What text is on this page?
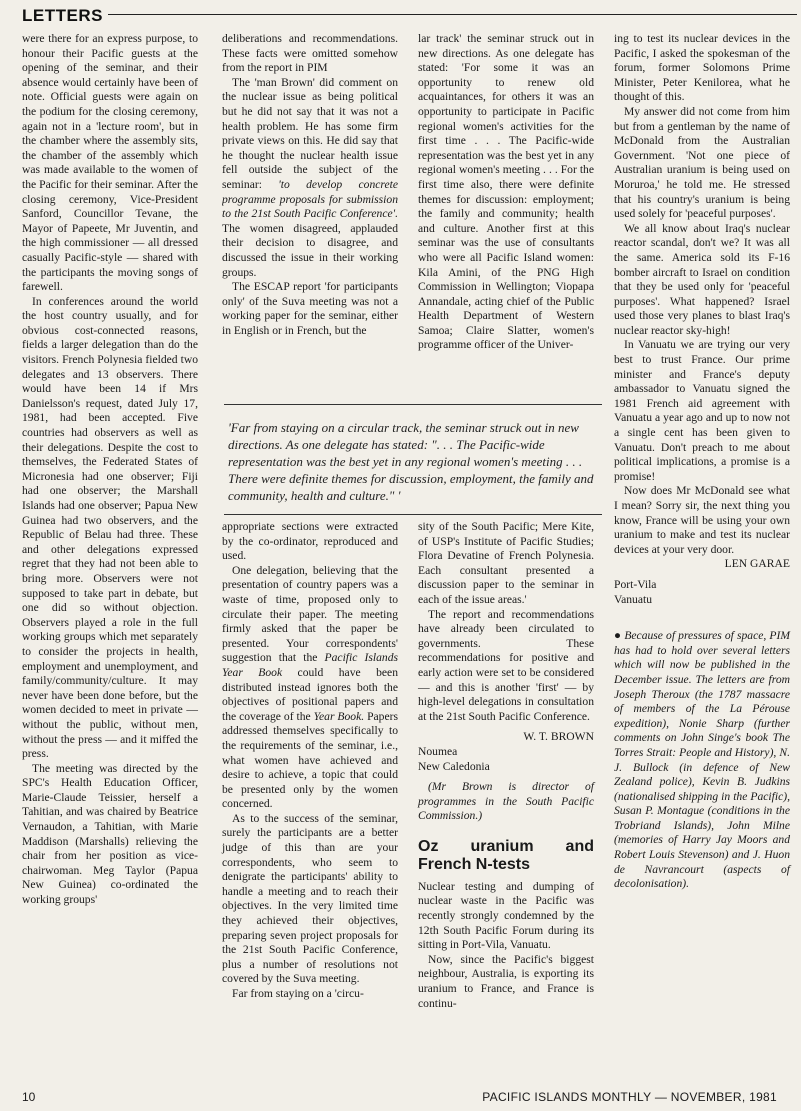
LETTERS

were there for an express purpose, to honour their Pacific guests at the opening of the seminar, and their absence would certainly have been of note. Official guests were again on the podium for the closing ceremony, again not in a 'lecture room', but in the chamber where the assembly sits, the chamber of the assembly which was made available to the women of the Pacific for their seminar. After the closing ceremony, Vice-President Sanford, Councillor Tevane, the Mayor of Papeete, Mr Juventin, and the high commissioner — all dressed casually Pacific-style — shared with the participants the moving songs of farewell.

In conferences around the world the host country usually, and for obvious cost-connected reasons, fields a larger delegation than do the visitors. French Polynesia fielded two delegates and 13 observers. There would have been 14 if Mrs Danielsson's request, dated July 17, 1981, had been accepted. Five countries had observers as well as their delegations. Despite the cost to themselves, the Federated States of Micronesia had one observer; Fiji had one observer; the Marshall Islands had one observer; Papua New Guinea had two observers, and the Republic of Belau had three. These and other delegations expressed regret that they had not been able to bring more. Observers were not supposed to take part in debate, but one did so without objection. Observers played a role in the full working groups which met separately to consider the projects in health, employment and unemployment, and family/community/culture. It may never have been done before, but the women decided to meet in private — without the public, without men, without the press — and it miffed the press.

The meeting was directed by the SPC's Health Education Officer, Marie-Claude Teissier, herself a Tahitian, and was chaired by Beatrice Vernaudon, a Tahitian, with Marie Maddison (Marshalls) relieving the chair from her position as vice-chairwoman. Meg Taylor (Papua New Guinea) co-ordinated the working groups'

deliberations and recommendations. These facts were omitted somehow from the report in PIM

The 'man Brown' did comment on the nuclear issue as being political but he did not say that it was not a health problem. He has some firm private views on this. He did say that he thought the nuclear health issue fell outside the subject of the seminar: 'to develop concrete programme proposals for submission to the 21st South Pacific Conference'. The women disagreed, applauded their decision to disagree, and discussed the issue in their working groups.

The ESCAP report 'for participants only' of the Suva meeting was not a working paper for the seminar, either in English or in French, but the

lar track' the seminar struck out in new directions. As one delegate has stated: 'For some it was an opportunity to renew old acquaintances, for others it was an opportunity to participate in Pacific regional women's activities for the first time . . . The Pacific-wide representation was the best yet in any regional women's meeting . . . For the first time also, there were definite themes for discussion: employment; the family and community; health and culture. Another first at this seminar was the use of consultants who were all Pacific Island women: Kila Amini, of the PNG High Commission in Wellington; Viopapa Annandale, acting chief of the Public Health Department of Western Samoa; Claire Slatter, women's programme officer of the Univer-

'Far from staying on a circular track, the seminar struck out in new directions. As one delegate has stated: ". . . The Pacific-wide representation was the best yet in any regional women's meeting . . . There were definite themes for discussion, employment, the family and community, health and culture." '

appropriate sections were extracted by the co-ordinator, reproduced and used.

One delegation, believing that the presentation of country papers was a waste of time, proposed only to circulate their paper. The meeting firmly asked that the paper be presented. Your correspondents' suggestion that the Pacific Islands Year Book could have been distributed instead ignores both the objectives of positional papers and the coverage of the Year Book. Papers addressed themselves specifically to the requirements of the seminar, i.e., what women have achieved and desire to achieve, a topic that could be presented only by the women concerned.

As to the success of the seminar, surely the participants are a better judge of this than are your correspondents, who seem to denigrate the participants' ability to handle a meeting and to reach their objectives. In the very limited time they achieved their objectives, preparing seven project proposals for the 21st South Pacific Conference, plus a number of resolutions not covered by the Suva meeting.

Far from staying on a 'circu-

sity of the South Pacific; Mere Kite, of USP's Institute of Pacific Studies; Flora Devatine of French Polynesia. Each consultant presented a discussion paper to the seminar in each of the issue areas.'

The report and recommendations have already been circulated to governments. These recommendations for positive and early action were set to be considered — and this is another 'first' — by high-level delegations in consultation at the 21st South Pacific Conference.

W. T. BROWN

Noumea

New Caledonia

(Mr Brown is director of programmes in the South Pacific Commission.)

Oz uranium and French N-tests

Nuclear testing and dumping of nuclear waste in the Pacific was recently strongly condemned by the 12th South Pacific Forum during its sitting in Port-Vila, Vanuatu.

Now, since the Pacific's biggest neighbour, Australia, is exporting its uranium to France, and France is continu-

ing to test its nuclear devices in the Pacific, I asked the spokesman of the forum, former Solomons Prime Minister, Peter Kenilorea, what he thought of this.

My answer did not come from him but from a gentleman by the name of McDonald from the Australian Government. 'Not one piece of Australian uranium is being used on Moruroa,' he told me. He stressed that his country's uranium is being used solely for 'peaceful purposes'.

We all know about Iraq's nuclear reactor scandal, don't we? It was all the same. America sold its F-16 bomber aircraft to Israel on condition that they be used only for 'peaceful purposes'. What happened? Israel used those very planes to blast Iraq's nuclear reactor sky-high!

In Vanuatu we are trying our very best to trust France. Our prime minister and France's deputy ambassador to Vanuatu signed the 1981 French aid agreement with Vanuatu a year ago and up to now not a single cent has been given to Vanuatu. Don't preach to me about political implications, a promise is a promise!

Now does Mr McDonald see what I mean? Sorry sir, the next thing you know, France will be using your own uranium to make and test its nuclear devices at your very door.

LEN GARAE

Port-Vila

Vanuatu

● Because of pressures of space, PIM has had to hold over several letters which will now be published in the December issue. The letters are from Joseph Theroux (the 1787 massacre of members of the La Pérouse expedition), Nonie Sharp (further comments on John Singe's book The Torres Strait: People and History), N. J. Bullock (in defence of New Zealand police), Kevin B. Judkins (nationalised shipping in the Pacific), Susan P. Montague (conditions in the Trobriand Islands), John Milne (memories of Harry Jay Moors and Robert Louis Stevenson) and J. Huon de Navrancourt (aspects of decolonisation).

10	PACIFIC ISLANDS MONTHLY — NOVEMBER, 1981
